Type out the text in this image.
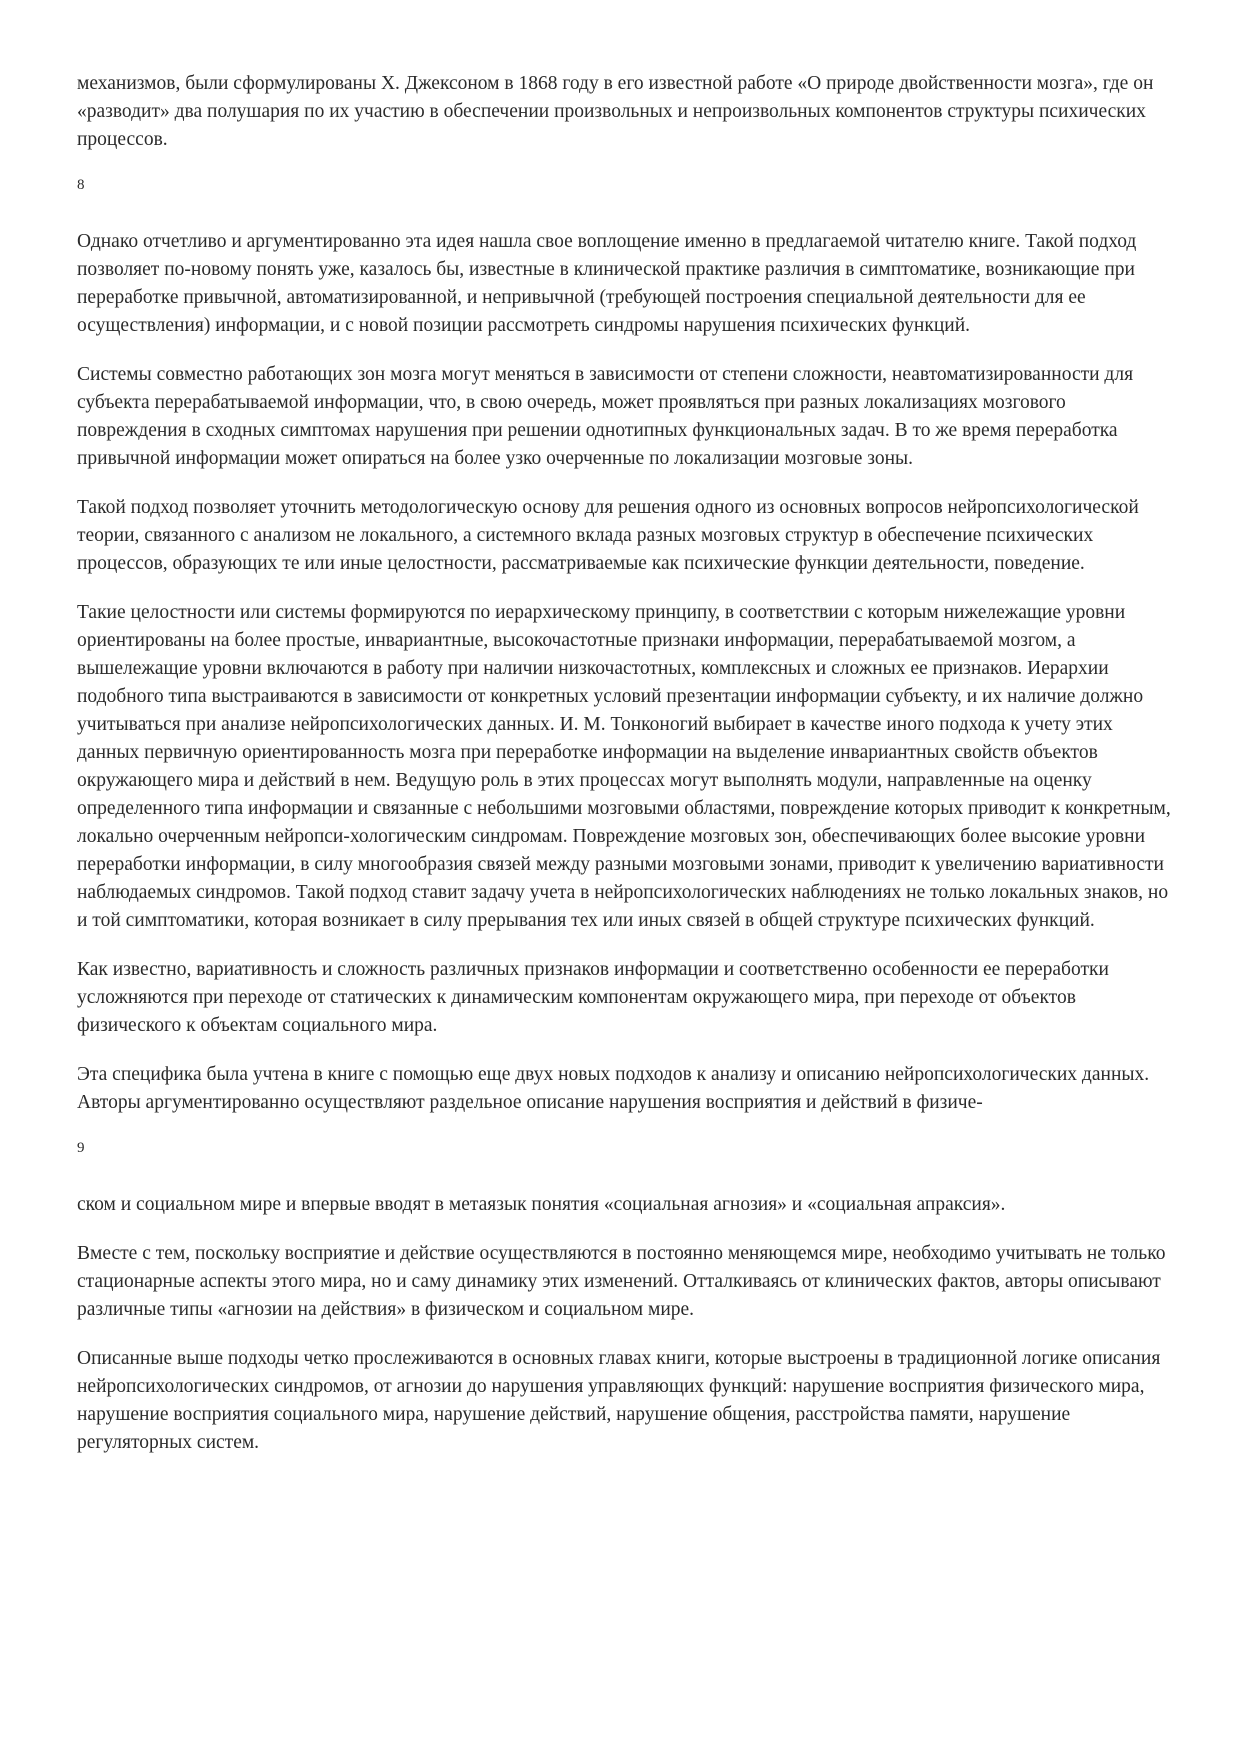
механизмов, были сформулированы Х. Джексоном в 1868 году в его известной работе «О природе двойственности мозга», где он «разводит» два полушария по их участию в обеспечении произвольных и непроизвольных компонентов структуры психических процессов.

8

Однако отчетливо и аргументированно эта идея нашла свое воплощение именно в предлагаемой читателю книге. Такой подход позволяет по-новому понять уже, казалось бы, известные в клинической практике различия в симптоматике, возникающие при переработке привычной, автоматизированной, и непривычной (требующей построения специальной деятельности для ее осуществления) информации, и с новой позиции рассмотреть синдромы нарушения психических функций.

Системы совместно работающих зон мозга могут меняться в зависимости от степени сложности, неавтоматизированности для субъекта перерабатываемой информации, что, в свою очередь, может проявляться при разных локализациях мозгового повреждения в сходных симптомах нарушения при решении однотипных функциональных задач. В то же время переработка привычной информации может опираться на более узко очерченные по локализации мозговые зоны.

Такой подход позволяет уточнить методологическую основу для решения одного из основных вопросов нейропсихологической теории, связанного с анализом не локального, а системного вклада разных мозговых структур в обеспечение психических процессов, образующих те или иные целостности, рассматриваемые как психические функции деятельности, поведение.

Такие целостности или системы формируются по иерархическому принципу, в соответствии с которым нижележащие уровни ориентированы на более простые, инвариантные, высокочастотные признаки информации, перерабатываемой мозгом, а вышележащие уровни включаются в работу при наличии низкочастотных, комплексных и сложных ее признаков. Иерархии подобного типа выстраиваются в зависимости от конкретных условий презентации информации субъекту, и их наличие должно учитываться при анализе нейропсихологических данных. И. М. Тонконогий выбирает в качестве иного подхода к учету этих данных первичную ориентированность мозга при переработке информации на выделение инвариантных свойств объектов окружающего мира и действий в нем. Ведущую роль в этих процессах могут выполнять модули, направленные на оценку определенного типа информации и связанные с небольшими мозговыми областями, повреждение которых приводит к конкретным, локально очерченным нейропси-хологическим синдромам. Повреждение мозговых зон, обеспечивающих более высокие уровни переработки информации, в силу многообразия связей между разными мозговыми зонами, приводит к увеличению вариативности наблюдаемых синдромов. Такой подход ставит задачу учета в нейропсихологических наблюдениях не только локальных знаков, но и той симптоматики, которая возникает в силу прерывания тех или иных связей в общей структуре психических функций.

Как известно, вариативность и сложность различных признаков информации и соответственно особенности ее переработки усложняются при переходе от статических к динамическим компонентам окружающего мира, при переходе от объектов физического к объектам социального мира.

Эта специфика была учтена в книге с помощью еще двух новых подходов к анализу и описанию нейропсихологических данных. Авторы аргументированно осуществляют раздельное описание нарушения восприятия и действий в физиче-

9

ском и социальном мире и впервые вводят в метаязык понятия «социальная агнозия» и «социальная апраксия».

Вместе с тем, поскольку восприятие и действие осуществляются в постоянно меняющемся мире, необходимо учитывать не только стационарные аспекты этого мира, но и саму динамику этих изменений. Отталкиваясь от клинических фактов, авторы описывают различные типы «агнозии на действия» в физическом и социальном мире.

Описанные выше подходы четко прослеживаются в основных главах книги, которые выстроены в традиционной логике описания нейропсихологических синдромов, от агнозии до нарушения управляющих функций: нарушение восприятия физического мира, нарушение восприятия социального мира, нарушение действий, нарушение общения, расстройства памяти, нарушение регуляторных систем.
